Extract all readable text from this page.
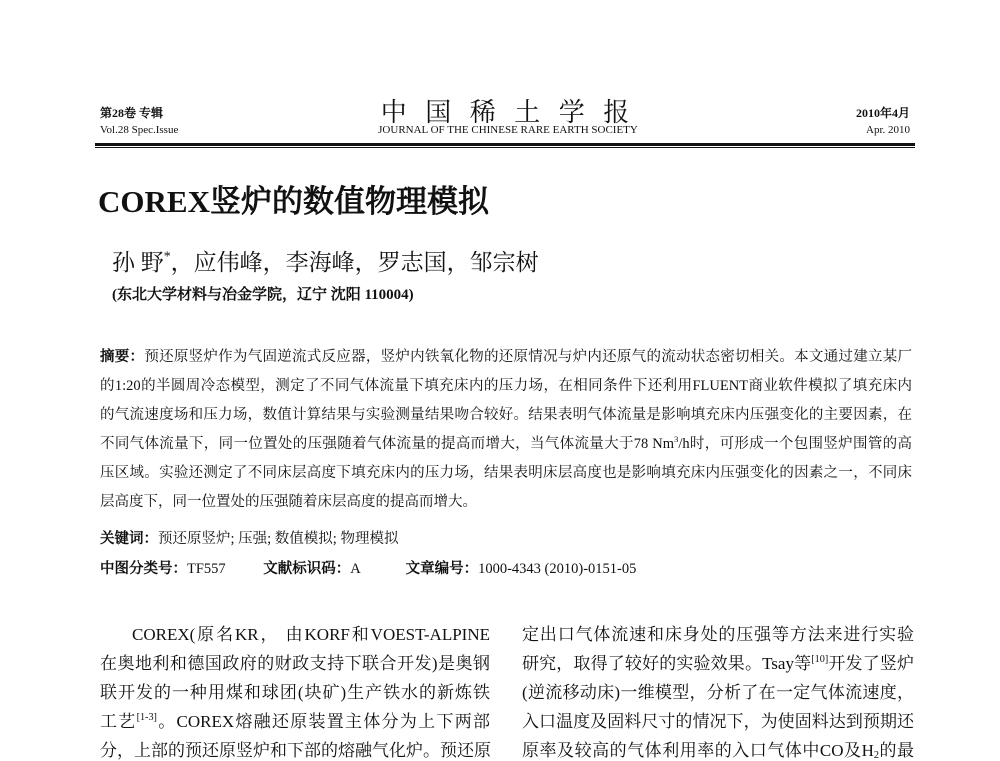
第28卷 专辑
Vol.28 Spec.Issue
中 国 稀 土 学 报
JOURNAL OF THE CHINESE RARE EARTH SOCIETY
2010年4月
Apr. 2010
COREX竖炉的数值物理模拟
孙 野*，应伟峰，李海峰，罗志国，邹宗树
(东北大学材料与冶金学院，辽宁 沈阳 110004)
摘要：预还原竖炉作为气固逆流式反应器，竖炉内铁氧化物的还原情况与炉内还原气的流动状态密切相关。本文通过建立某厂
的1:20的半圆周冷态模型，测定了不同气体流量下填充床内的压力场，在相同条件下还利用FLUENT商业软件模拟了填充床内
的气流速度场和压力场，数值计算结果与实验测量结果吻合较好。结果表明气体流量是影响填充床内压强变化的主要因素，在
不同气体流量下，同一位置处的压强随着气体流量的提高而增大，当气体流量大于78 Nm$^3$/h时，可形成一个包围竖炉围管的高
压区域。实验还测定了不同床层高度下填充床内的压力场，结果表明床层高度也是影响填充床内压强变化的因素之一，不同床
层高度下，同一位置处的压强随着床层高度的提高而增大。
关键词：预还原竖炉; 压强; 数值模拟; 物理模拟
中图分类号：TF557	文献标识码：A	文章编号：1000-4343 (2010)-0151-05
COREX(原名KR， 由KORF和VOEST-ALPINE
在奥地利和德国政府的财政支持下联合开发)是奥钢
联开发的一种用煤和球团(块矿)生产铁水的新炼铁
工艺[1-3]。COREX熔融还原装置主体分为上下两部
分，上部的预还原竖炉和下部的熔融气化炉。预还原
定出口气体流速和床身处的压强等方法来进行实验
研究，取得了较好的实验效果。Tsay等[10]开发了竖炉
(逆流移动床)一维模型，分析了在一定气体流速度，
入口温度及固料尺寸的情况下，为使固料达到预期还
原率及较高的气体利用率的入口气体中CO及$H_2$的最
